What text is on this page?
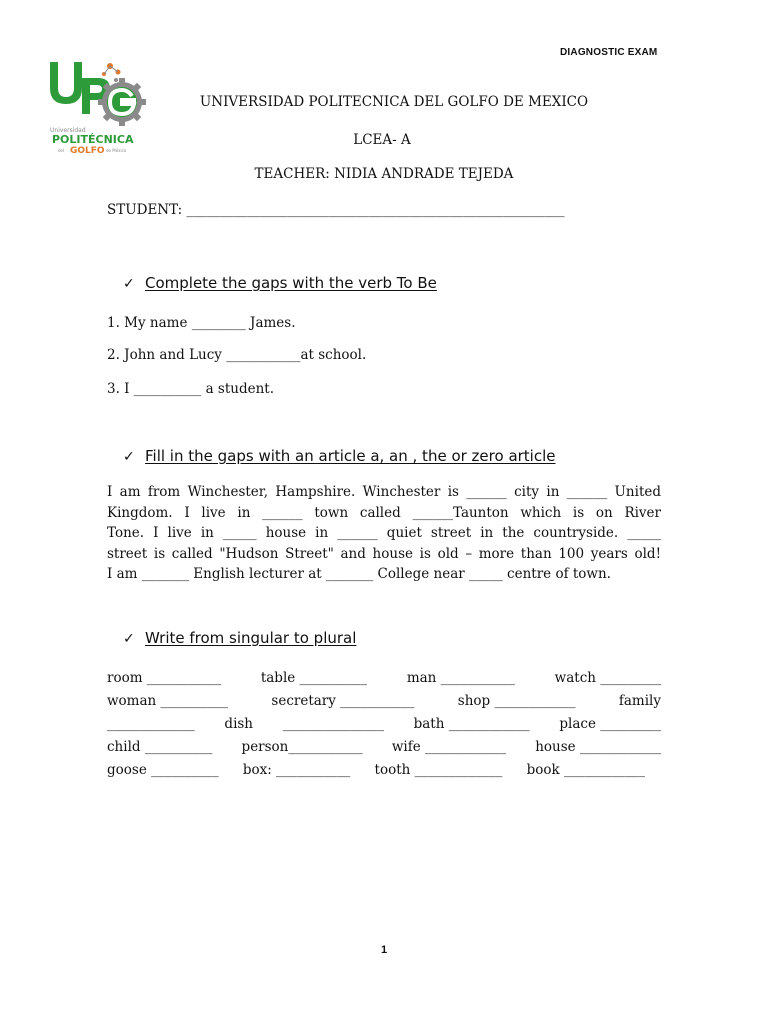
DIAGNOSTIC EXAM
Universidad
POLITÉCNICA
del GOLFO de México
UNIVERSIDAD POLITECNICA DEL GOLFO DE MEXICO
LCEA- A
TEACHER: NIDIA ANDRADE TEJEDA
STUDENT: ________________________________________________________
✓ Complete the gaps with the verb To Be
1. My name ________ James.
2. John and Lucy ___________at school.
3. I __________ a student.
✓ Fill in the gaps with an article a, an , the or zero article
I am from Winchester, Hampshire. Winchester is ______ city in ______ United
Kingdom. I live in ______ town called ______Taunton which is on River
Tone. I live in _____ house in ______ quiet street in the countryside. _____
street is called "Hudson Street" and house is old – more than 100 years old!
I am _______ English lecturer at _______ College near _____ centre of town.
✓ Write from singular to plural
room ___________	table __________	man ___________	watch _________
woman __________	secretary ___________	shop ____________	family
_____________ dish _______________ bath ____________ place _________
child __________ person___________ wife ____________ house ____________
goose __________ box: ___________ tooth _____________ book ____________
1
